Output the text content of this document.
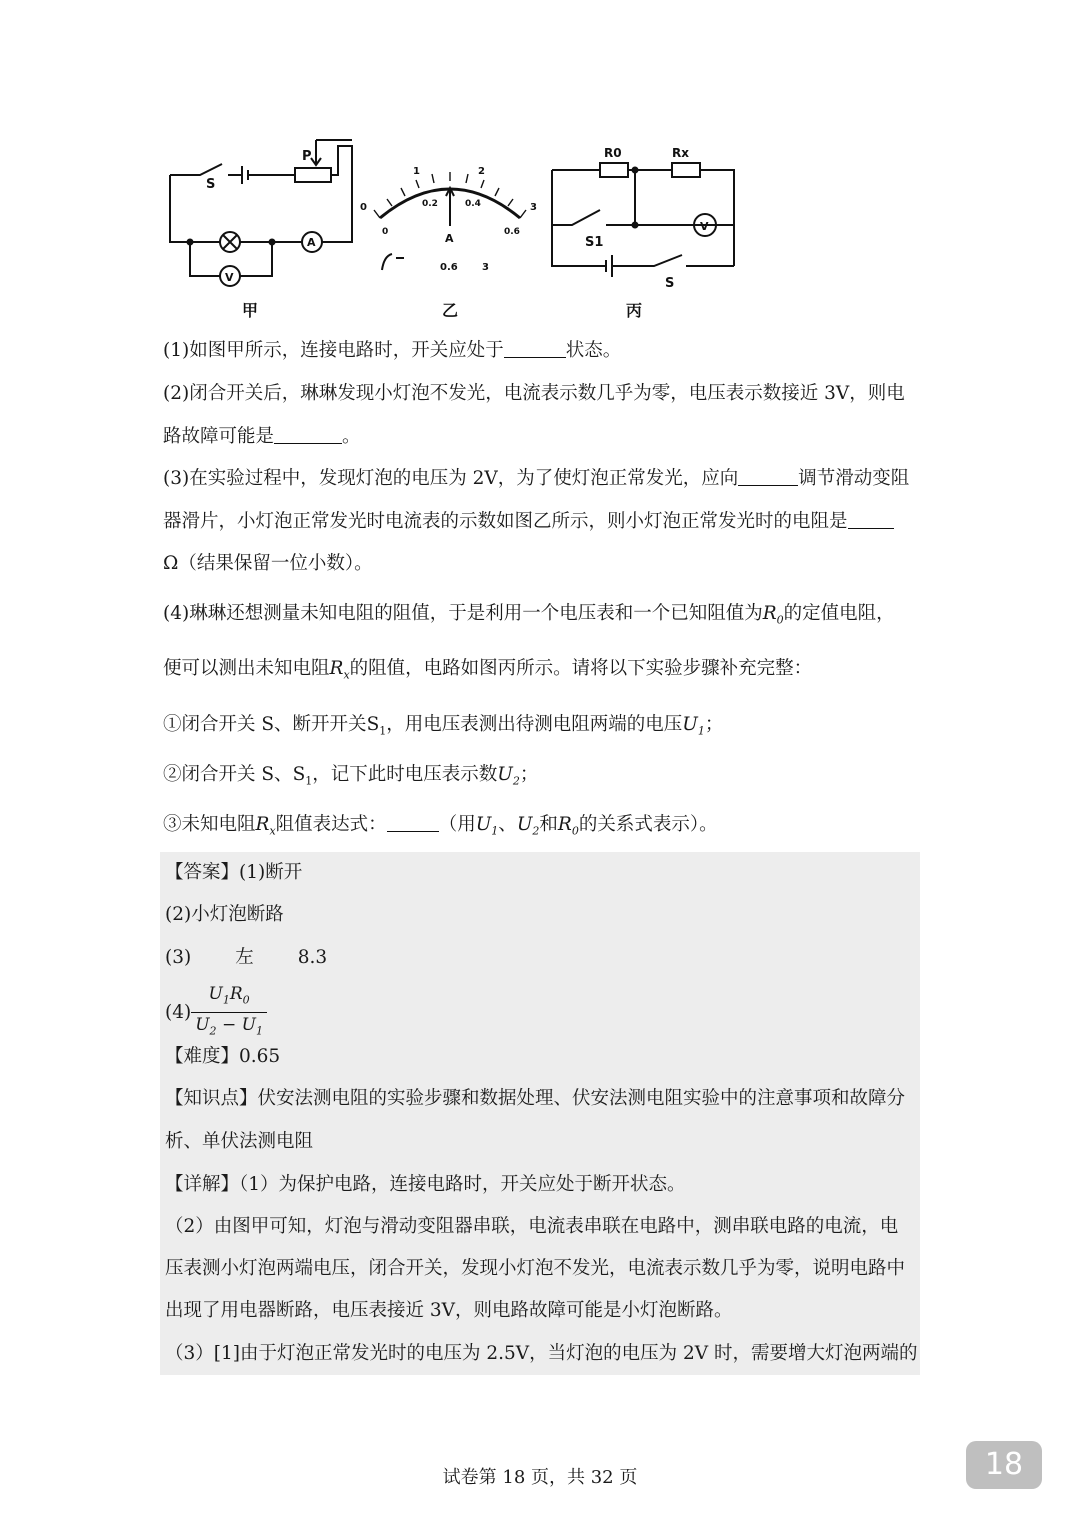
S
P
A
V
甲
0
1	2
3
0
0.2	0.4
0.6
A
0.6 3
乙
R0	Rx
S1
S
V
丙
(1)如图甲所示，连接电路时，开关应处于	状态。
(2)闭合开关后，琳琳发现小灯泡不发光，电流表示数几乎为零，电压表示数接近 3V，则电
路故障可能是	。
(3)在实验过程中，发现灯泡的电压为 2V，为了使灯泡正常发光，应向	调节滑动变阻
器滑片，小灯泡正常发光时电流表的示数如图乙所示，则小灯泡正常发光时的电阻是
Ω（结果保留一位小数）。
(4)琳琳还想测量未知电阻的阻值，于是利用一个电压表和一个已知阻值为$R_0$的定值电阻，
便可以测出未知电阻$R_x$的阻值，电路如图丙所示。请将以下实验步骤补充完整：
①闭合开关 S、断开开关$S_1$，用电压表测出待测电阻两端的电压$U_1$；
②闭合开关 S、$S_1$，记下此时电压表示数$U_2$；
③未知电阻$R_x$阻值表达式：	（用$U_1$、$U_2$和$R_0$的关系式表示）。
【答案】(1)断开
(2)小灯泡断路
(3) 左 8.3
$(4) \frac{U_1R_0}{U_2 - U_1}$
【难度】0.65
【知识点】伏安法测电阻的实验步骤和数据处理、伏安法测电阻实验中的注意事项和故障分
析、单伏法测电阻
【详解】（1）为保护电路，连接电路时，开关应处于断开状态。
（2）由图甲可知，灯泡与滑动变阻器串联，电流表串联在电路中，测串联电路的电流，电
压表测小灯泡两端电压，闭合开关，发现小灯泡不发光，电流表示数几乎为零，说明电路中
出现了用电器断路，电压表接近 3V，则电路故障可能是小灯泡断路。
（3）[1]由于灯泡正常发光时的电压为 2.5V，当灯泡的电压为 2V 时，需要增大灯泡两端的
试卷第 18 页，共 32 页	18
